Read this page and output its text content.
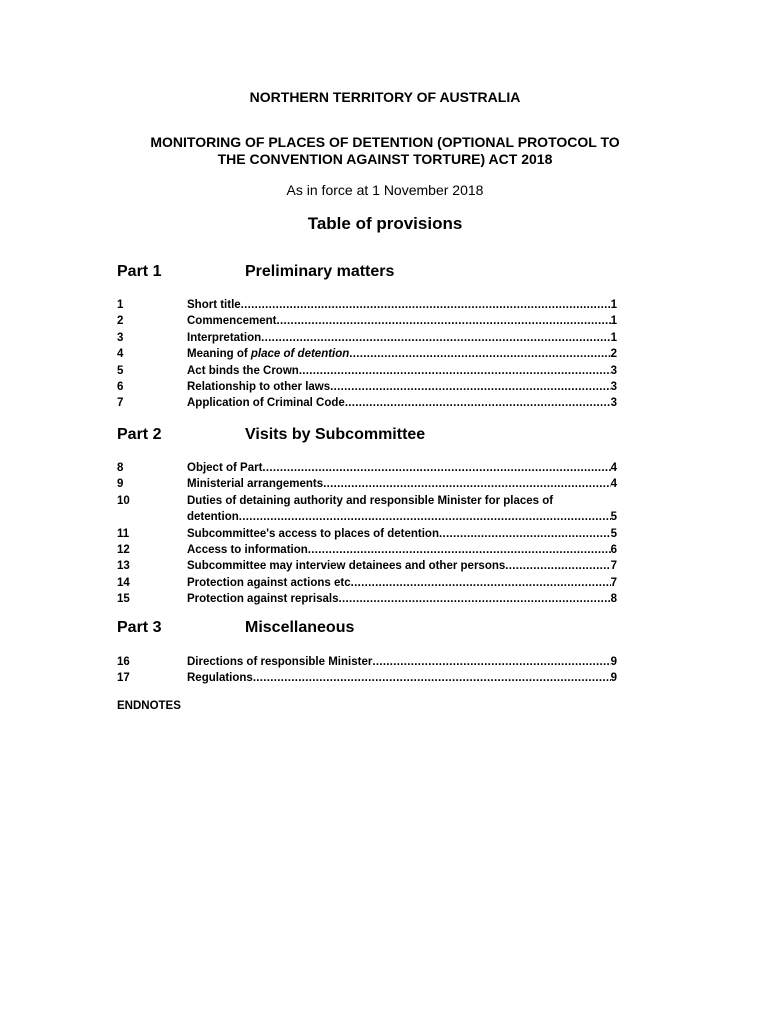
NORTHERN TERRITORY OF AUSTRALIA
MONITORING OF PLACES OF DETENTION (OPTIONAL PROTOCOL TO
THE CONVENTION AGAINST TORTURE) ACT 2018
As in force at 1 November 2018
Table of provisions
Part 1	Preliminary matters
1	Short title .....	1
2	Commencement .....	1
3	Interpretation .....	1
4	Meaning of place of detention .....	2
5	Act binds the Crown .....	3
6	Relationship to other laws .....	3
7	Application of Criminal Code .....	3
Part 2	Visits by Subcommittee
8	Object of Part .....	4
9	Ministerial arrangements .....	4
10	Duties of detaining authority and responsible Minister for places of
detention .....	5
11	Subcommittee's access to places of detention .....	5
12	Access to information .....	6
13	Subcommittee may interview detainees and other persons .....	7
14	Protection against actions etc .....	7
15	Protection against reprisals .....	8
Part 3	Miscellaneous
16	Directions of responsible Minister .....	9
17	Regulations .....	9
ENDNOTES
